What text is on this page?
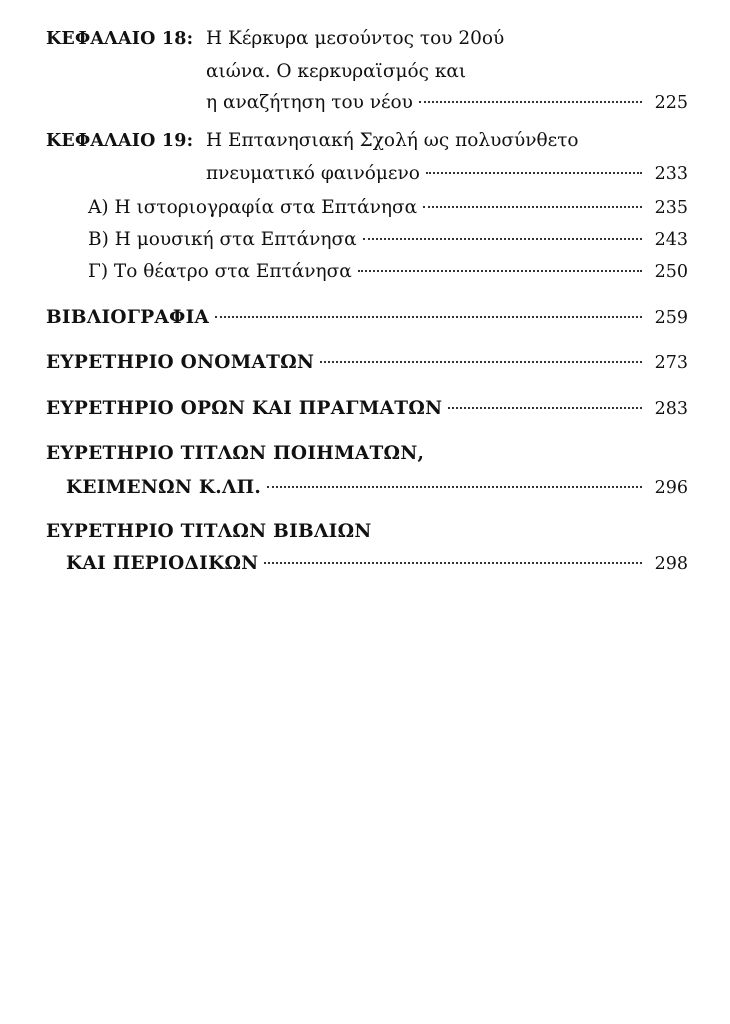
ΚΕΦΑΛΑΙΟ 18: Η Κέρκυρα μεσούντος του 20ού
αιώνα. Ο κερκυραϊσμός και
η αναζήτηση του νέου	225
ΚΕΦΑΛΑΙΟ 19: Η Επτανησιακή Σχολή ως πολυσύνθετο
πνευματικό φαινόμενο	233
Α) Η ιστοριογραφία στα Επτάνησα	235
Β) Η μουσική στα Επτάνησα	243
Γ) Το θέατρο στα Επτάνησα	250
ΒΙΒΛΙΟΓΡΑΦΙΑ	259
ΕΥΡΕΤΗΡΙΟ ΟΝΟΜΑΤΩΝ	273
ΕΥΡΕΤΗΡΙΟ ΟΡΩΝ ΚΑΙ ΠΡΑΓΜΑΤΩΝ	283
ΕΥΡΕΤΗΡΙΟ ΤΙΤΛΩΝ ΠΟΙΗΜΑΤΩΝ,
ΚΕΙΜΕΝΩΝ Κ.ΛΠ.	296
ΕΥΡΕΤΗΡΙΟ ΤΙΤΛΩΝ ΒΙΒΛΙΩΝ
ΚΑΙ ΠΕΡΙΟΔΙΚΩΝ	298
